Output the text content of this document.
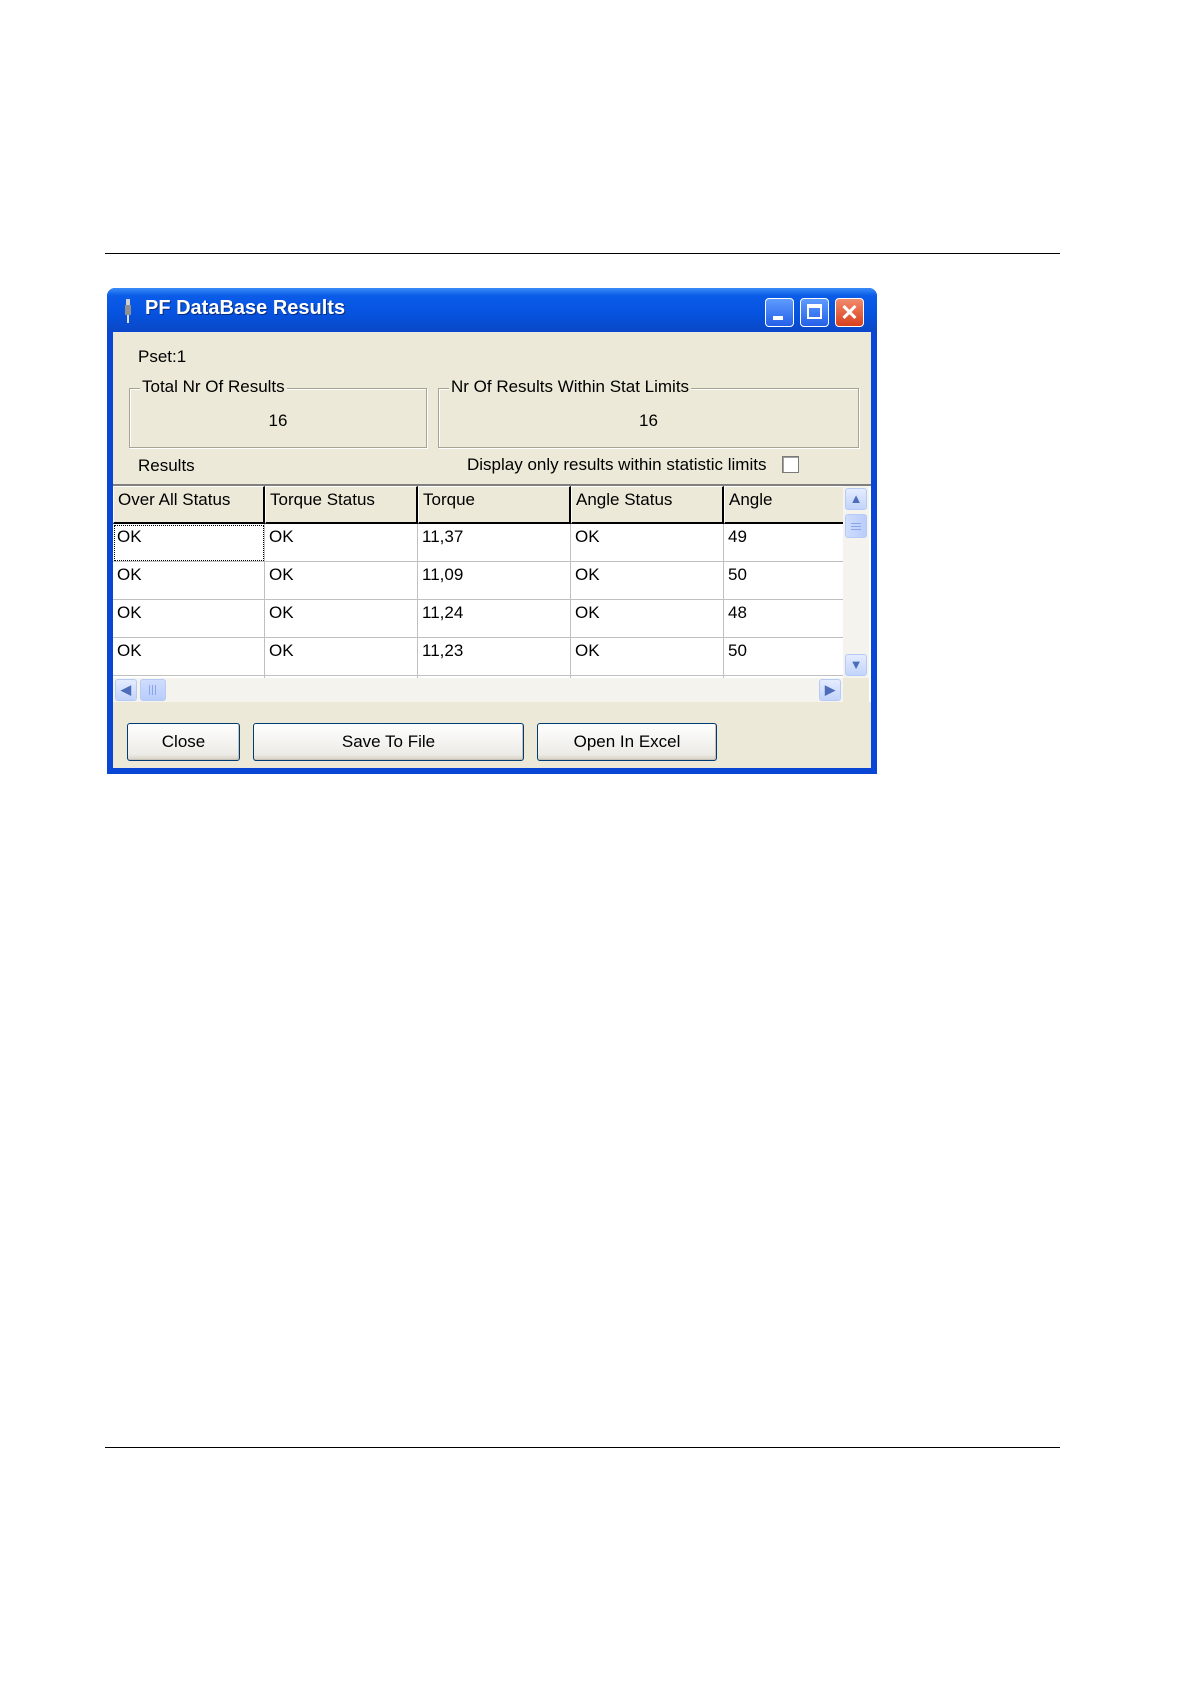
PF DataBase Results	✕
Pset:1
Total Nr Of Results
16
Nr Of Results Within Stat Limits
16
Results	Display only results within statistic limits
Over All Status	Torque Status	Torque	Angle Status	Angle
OK	OK	11,37	OK	49
OK	OK	11,09	OK	50
OK	OK	11,24	OK	48
OK	OK	11,23	OK	50
▲
▼
◀	▶
Close	Save To File	Open In Excel
